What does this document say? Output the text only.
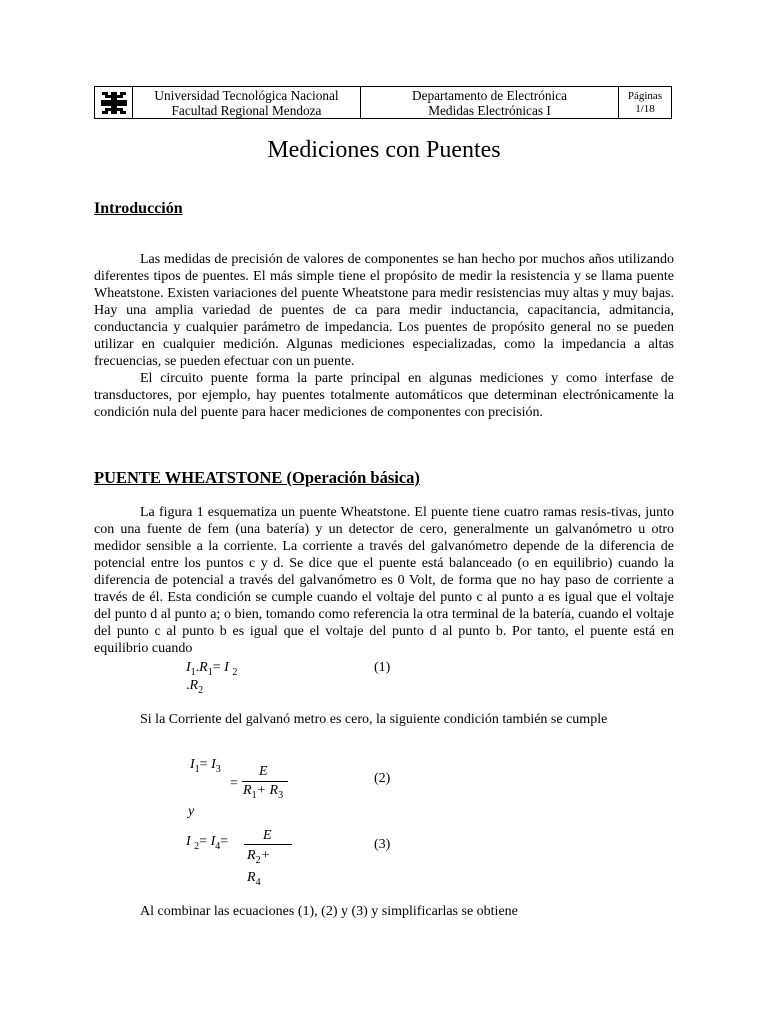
Universidad Tecnológica Nacional
Facultad Regional Mendoza
Departamento de Electrónica
Medidas Electrónicas I
Páginas
1/18
Mediciones con Puentes
Introducción

Las medidas de precisión de valores de componentes se han hecho por muchos años utilizando diferentes tipos de puentes. El más simple tiene el propósito de medir la resistencia y se llama puente Wheatstone. Existen variaciones del puente Wheatstone para medir resistencias muy altas y muy bajas. Hay una amplia variedad de puentes de ca para medir inductancia, capacitancia, admitancia, conductancia y cualquier parámetro de impedancia. Los puentes de propósito general no se pueden utilizar en cualquier medición. Algunas mediciones especializadas, como la impedancia a altas frecuencias, se pueden efectuar con un puente.

El circuito puente forma la parte principal en algunas mediciones y como interfase de transductores, por ejemplo, hay puentes totalmente automáticos que determinan electrónicamente la condición nula del puente para hacer mediciones de componentes con precisión.

PUENTE WHEATSTONE (Operación básica)

La figura 1 esquematiza un puente Wheatstone. El puente tiene cuatro ramas resis-tivas, junto con una fuente de fem (una batería) y un detector de cero, generalmente un galvanómetro u otro medidor sensible a la corriente. La corriente a través del galvanómetro depende de la diferencia de potencial entre los puntos c y d. Se dice que el puente está balanceado (o en equilibrio) cuando la diferencia de potencial a través del galvanómetro es 0 Volt, de forma que no hay paso de corriente a través de él. Esta condición se cumple cuando el voltaje del punto c al punto a es igual que el voltaje del punto d al punto a; o bien, tomando como referencia la otra terminal de la batería, cuando el voltaje del punto c al punto b es igual que el voltaje del punto d al punto b. Por tanto, el puente está en equilibrio cuando

$I_1.R_1= I$ $_2$
$.R_2$
(1)

Si la Corriente del galvanó metro es cero, la siguiente condición también se cumple

$I_1= I_3$
=
E
$R_1+ R_3$
(2)
y
I $_2= I_4= E$
$R_2+$
$R_4$
(3)
Al combinar las ecuaciones (1), (2) y (3) y simplificarlas se obtiene
